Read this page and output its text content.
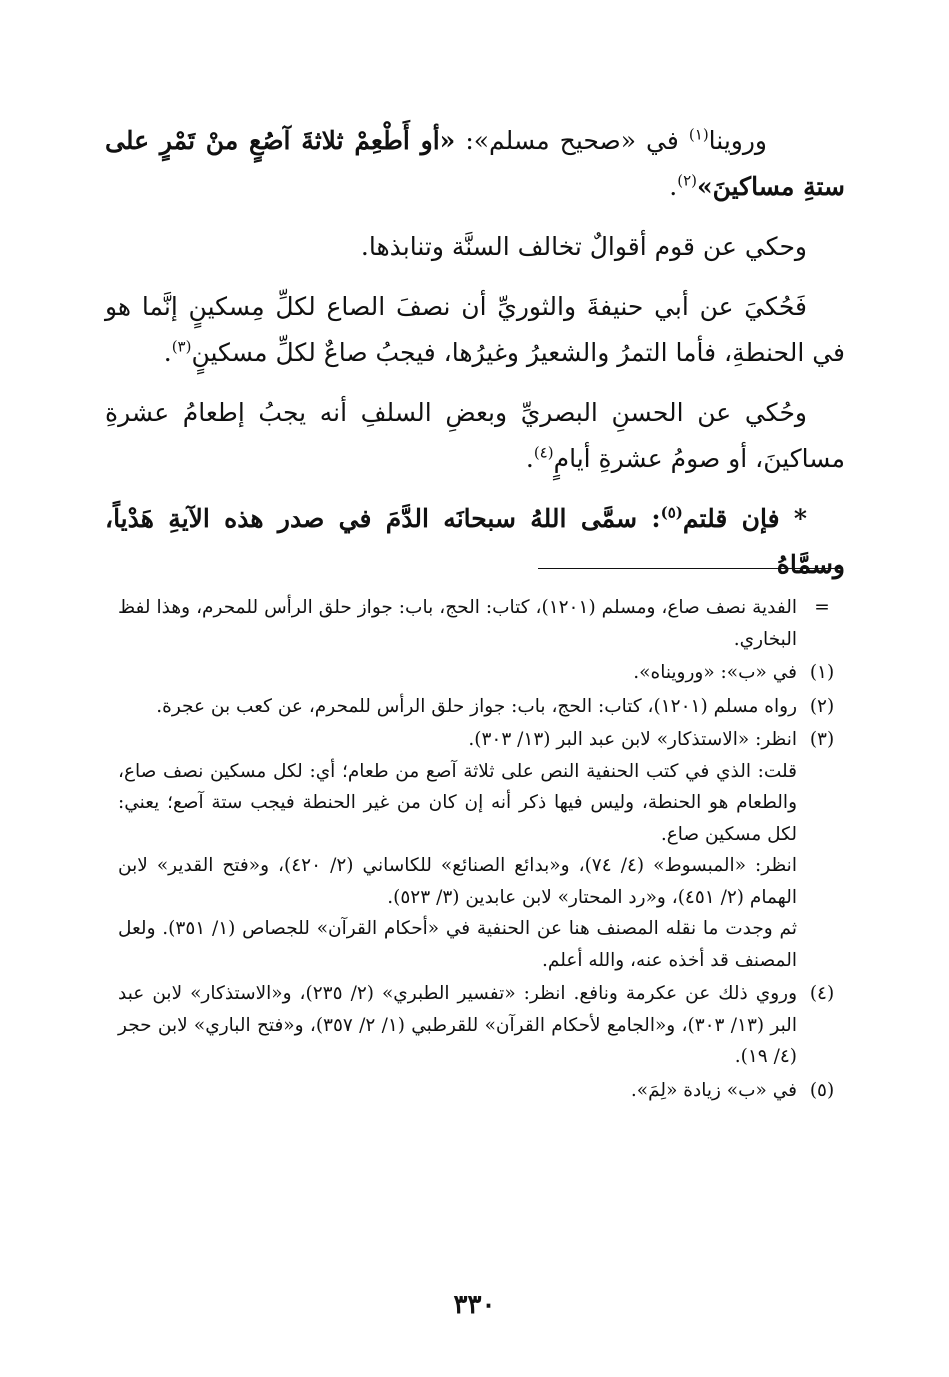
وروينا$^{(١)}$ في «صحيح مسلم»: «أو أَطْعِمْ ثلاثةَ آصُعٍ منْ تَمْرٍ على ستةِ مساكينَ»$^{(٢)}$.

وحكي عن قوم أقوالٌ تخالف السنَّة وتنابذها.

فَحُكيَ عن أبي حنيفةَ والثوريِّ أن نصفَ الصاع لكلِّ مِسكينٍ إنَّما هو في الحنطةِ، فأما التمرُ والشعيرُ وغيرُها، فيجبُ صاعٌ لكلِّ مسكينٍ$^{(٣)}$.

وحُكي عن الحسنِ البصريِّ وبعضِ السلفِ أنه يجبُ إطعامُ عشرةِ مساكينَ، أو صومُ عشرةِ أيامٍ$^{(٤)}$.

* فإن قلتم$^{(٥)}$: سمَّى اللهُ سبحانَه الدَّمَ في صدر هذه الآيةِ هَدْياً، وسمَّاهُ

=

الفدية نصف صاع، ومسلم (١٢٠١)، كتاب: الحج، باب: جواز حلق الرأس للمحرم، وهذا لفظ البخاري.

(١)

في «ب»: «ورويناه».

(٢)

رواه مسلم (١٢٠١)، كتاب: الحج، باب: جواز حلق الرأس للمحرم، عن كعب بن عجرة.

(٣)

انظر: «الاستذكار» لابن عبد البر (١٣/ ٣٠٣).

قلت: الذي في كتب الحنفية النص على ثلاثة آصع من طعام؛ أي: لكل مسكين نصف صاع، والطعام هو الحنطة، وليس فيها ذكر أنه إن كان من غير الحنطة فيجب ستة آصع؛ يعني: لكل مسكين صاع.

انظر: «المبسوط» (٤/ ٧٤)، و«بدائع الصنائع» للكاساني (٢/ ٤٢٠)، و«فتح القدير» لابن الهمام (٢/ ٤٥١)، و«رد المحتار» لابن عابدين (٣/ ٥٢٣).

ثم وجدت ما نقله المصنف هنا عن الحنفية في «أحكام القرآن» للجصاص (١/ ٣٥١). ولعل المصنف قد أخذه عنه، والله أعلم.

(٤)

وروي ذلك عن عكرمة ونافع. انظر: «تفسير الطبري» (٢/ ٢٣٥)، و«الاستذكار» لابن عبد البر (١٣/ ٣٠٣)، و«الجامع لأحكام القرآن» للقرطبي (١/ ٢/ ٣٥٧)، و«فتح الباري» لابن حجر (٤/ ١٩).

(٥)

في «ب» زيادة «لِمَ».

٣٣٠
